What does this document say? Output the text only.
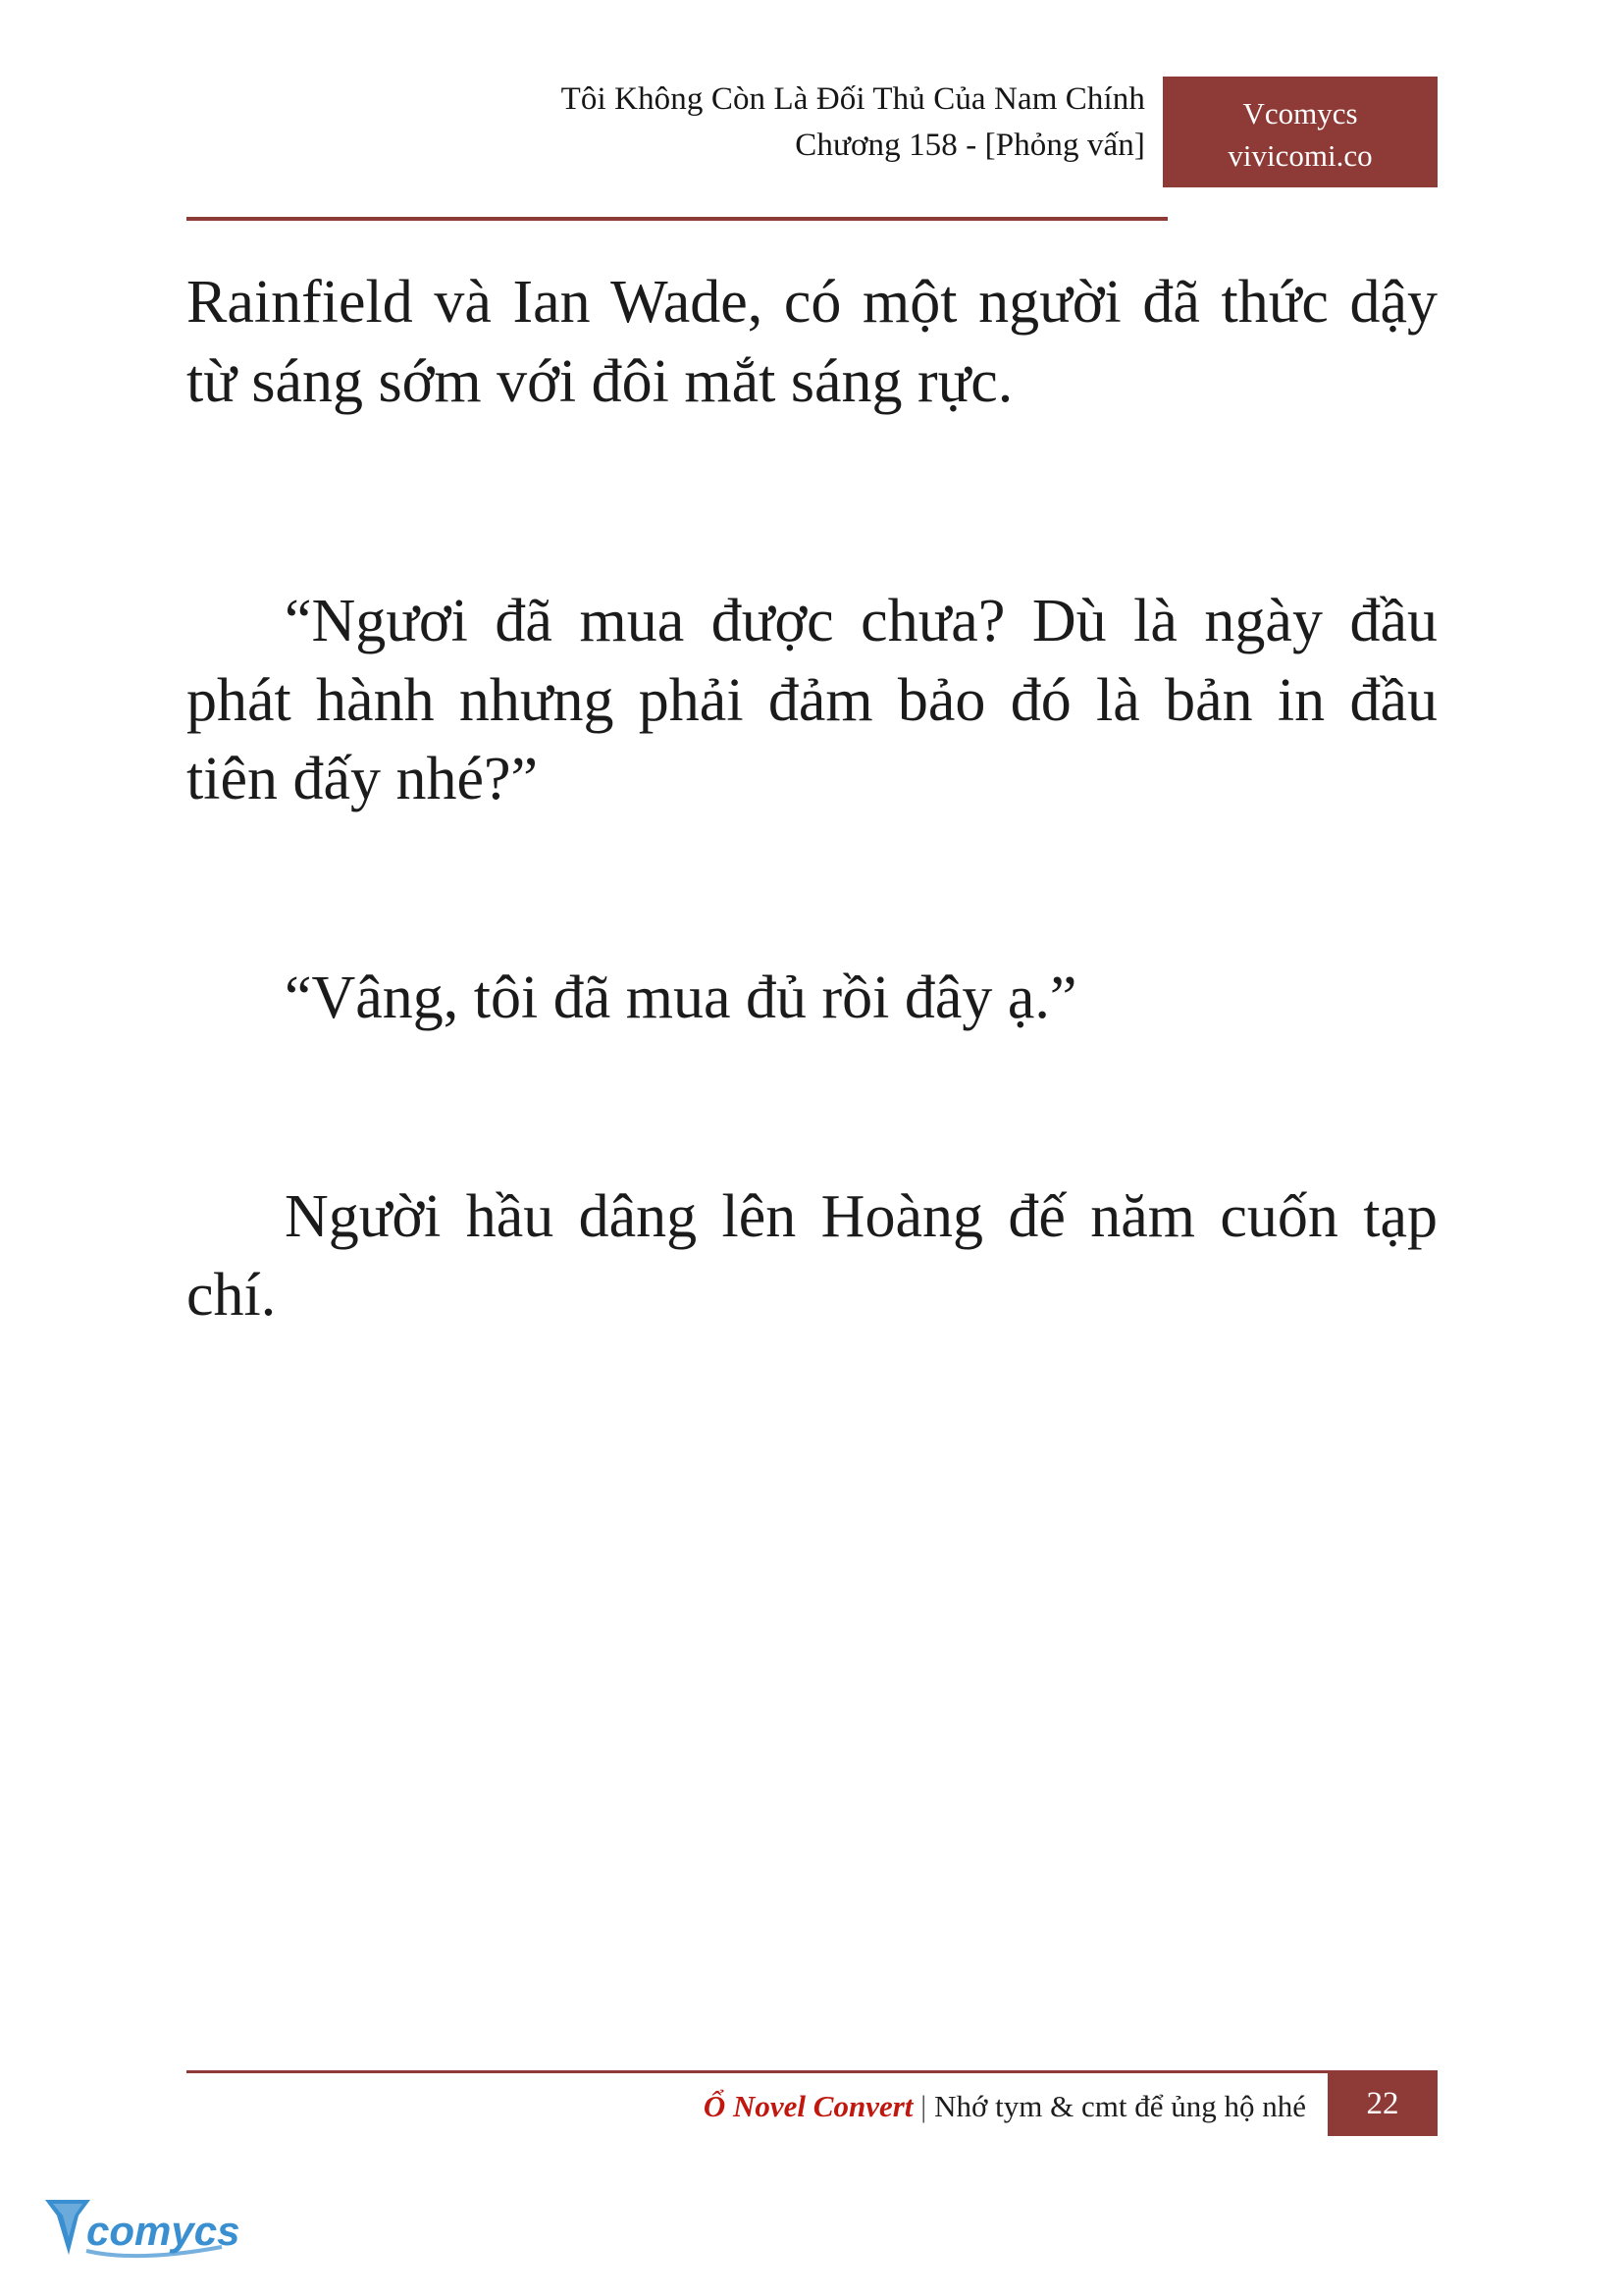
Tôi Không Còn Là Đối Thủ Của Nam Chính
Chương 158 - [Phỏng vấn]
Vcomycs
vivicomi.co

Rainfield và Ian Wade, có một người đã thức dậy từ sáng sớm với đôi mắt sáng rực.

“Ngươi đã mua được chưa? Dù là ngày đầu phát hành nhưng phải đảm bảo đó là bản in đầu tiên đấy nhé?”

“Vâng, tôi đã mua đủ rồi đây ạ.”

Người hầu dâng lên Hoàng đế năm cuốn tạp chí.

Ổ Novel Convert | Nhớ tym & cmt để ủng hộ nhé	22
comycs
